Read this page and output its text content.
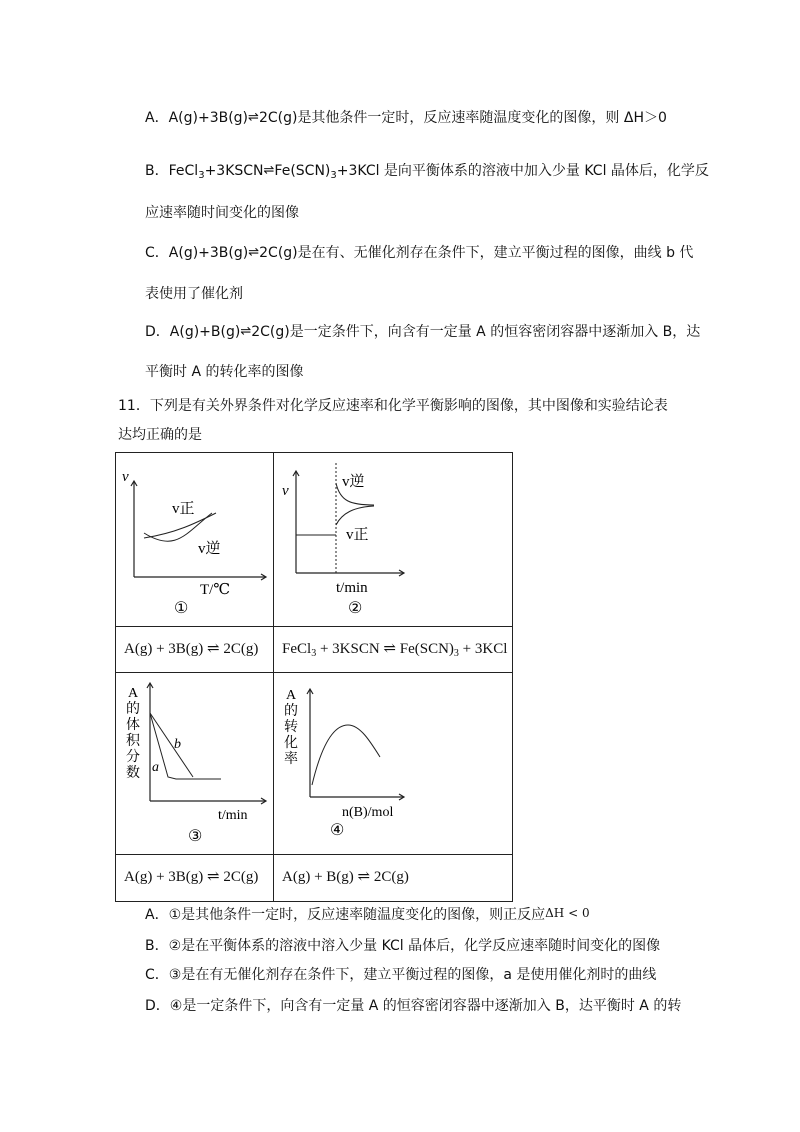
A．A(g)+3B(g)⇌2C(g)是其他条件一定时，反应速率随温度变化的图像，则 ΔH＞0
B．$FeCl_3+3KSCN\rightleftharpoons Fe(SCN)_3+3KCl$ 是向平衡体系的溶液中加入少量 KCl 晶体后，化学反
应速率随时间变化的图像
C．A(g)+3B(g)⇌2C(g)是在有、无催化剂存在条件下，建立平衡过程的图像，曲线 b 代
表使用了催化剂
D．A(g)+B(g)⇌2C(g)是一定条件下，向含有一定量 A 的恒容密闭容器中逐渐加入 B，达
平衡时 A 的转化率的图像
11．下列是有关外界条件对化学反应速率和化学平衡影响的图像，其中图像和实验结论表
达均正确的是
v
v正
v逆
T/℃
①
v
v逆
v正
t/min
②
A(g) + 3B(g) ⇌ 2C(g) FeCl$_3$ + 3KSCN ⇌ $Fe(SCN)_3 + 3KCl$
A
的
体
积
分
数 a
b
t/min
③
A
的
转
化
率
n(B)/mol
④
A(g) + 3B(g) ⇌ 2C(g) A(g) + B(g) ⇌ 2C(g)
A．①是其他条件一定时，反应速率随温度变化的图像，则正反应ΔH < 0
B．②是在平衡体系的溶液中溶入少量 KCl 晶体后，化学反应速率随时间变化的图像
C．③是在有无催化剂存在条件下，建立平衡过程的图像，a 是使用催化剂时的曲线
D．④是一定条件下，向含有一定量 A 的恒容密闭容器中逐渐加入 B，达平衡时 A 的转
